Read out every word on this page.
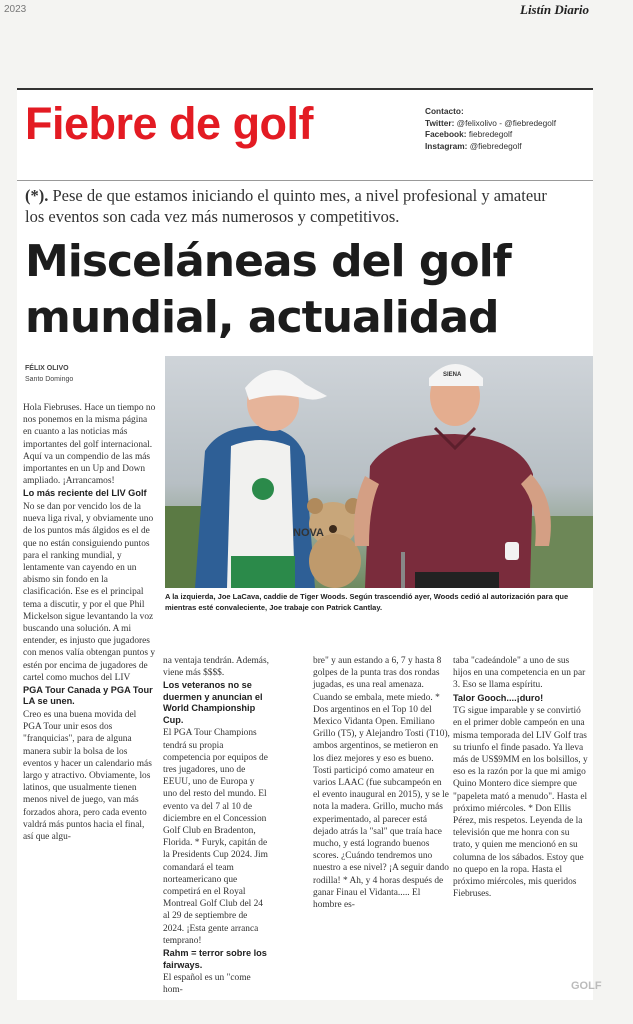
2023	Listín Diario
Fiebre de golf	Contacto:
Twitter: @felixolivo - @fiebredegolf
Facebook: fiebredegolf
Instagram: @fiebredegolf
(*). Pese de que estamos iniciando el quinto mes, a nivel profesional y amateur los eventos son cada vez más numerosos y competitivos.
Misceláneas del golf mundial, actualidad
FÉLIX OLIVO
Santo Domingo
NOVA
SIENA
A la izquierda, Joe LaCava, caddie de Tiger Woods. Según trascendió ayer, Woods cedió al autorización para que mientras esté convaleciente, Joe trabaje con Patrick Cantlay.

Hola Fiebruses. Hace un tiempo no nos ponemos en la misma página en cuanto a las noticias más importantes del golf internacional. Aquí va un compendio de las más importantes en un Up and Down ampliado. ¡Arrancamos!

Lo más reciente del LIV Golf

No se dan por vencido los de la nueva liga rival, y obviamente uno de los puntos más álgidos es el de que no están consiguiendo puntos para el ranking mundial, y lentamente van cayendo en un abismo sin fondo en la clasificación. Ese es el principal tema a discutir, y por el que Phil Mickelson sigue levantando la voz buscando una solución. A mi entender, es injusto que jugadores con menos valía obtengan puntos y estén por encima de jugadores de cartel como muchos del LIV

PGA Tour Canada y PGA Tour LA se unen.

Creo es una buena movida del PGA Tour unir esos dos "franquicias", para de alguna manera subir la bolsa de los eventos y hacer un calendario más largo y atractivo. Obviamente, los latinos, que usualmente tienen menos nivel de juego, van más forzados ahora, pero cada evento valdrá más puntos hacia el final, así que algu-

na ventaja tendrán. Además, viene más $$$$.

Los veteranos no se duermen y anuncian el World Championship Cup.

El PGA Tour Champions tendrá su propia competencia por equipos de tres jugadores, uno de EEUU, uno de Europa y uno del resto del mundo. El evento va del 7 al 10 de diciembre en el Concession Golf Club en Bradenton, Florida. * Furyk, capitán de la Presidents Cup 2024. Jim comandará el team norteamericano que competirá en el Royal Montreal Golf Club del 24 al 29 de septiembre de 2024. ¡Esta gente arranca temprano!

Rahm = terror sobre los fairways.

El español es un "come hom-

bre" y aun estando a 6, 7 y hasta 8 golpes de la punta tras dos rondas jugadas, es una real amenaza. Cuando se embala, mete miedo. * Dos argentinos en el Top 10 del Mexico Vidanta Open. Emiliano Grillo (T5), y Alejandro Tosti (T10), ambos argentinos, se metieron en los diez mejores y eso es bueno. Tosti participó como amateur en varios LAAC (fue subcampeón en el evento inaugural en 2015), y se le nota la madera. Grillo, mucho más experimentado, al parecer está dejado atrás la "sal" que traía hace mucho, y está logrando buenos scores. ¿Cuándo tendremos uno nuestro a ese nivel? ¡A seguir dando rodilla! * Ah, y 4 horas después de ganar Finau el Vidanta..... El hombre es-

taba "cadeándole" a uno de sus hijos en una competencia en un par 3. Eso se llama espíritu.

Talor Gooch....¡duro!

TG sigue imparable y se convirtió en el primer doble campeón en una misma temporada del LIV Golf tras su triunfo el finde pasado. Ya lleva más de US$9MM en los bolsillos, y eso es la razón por la que mi amigo Quino Montero dice siempre que "papeleta mató a menudo". Hasta el próximo miércoles. * Don Ellis Pérez, mis respetos. Leyenda de la televisión que me honra con su trato, y quien me mencionó en su columna de los sábados. Estoy que no quepo en la ropa. Hasta el próximo miércoles, mis queridos Fiebruses.

GOLF
